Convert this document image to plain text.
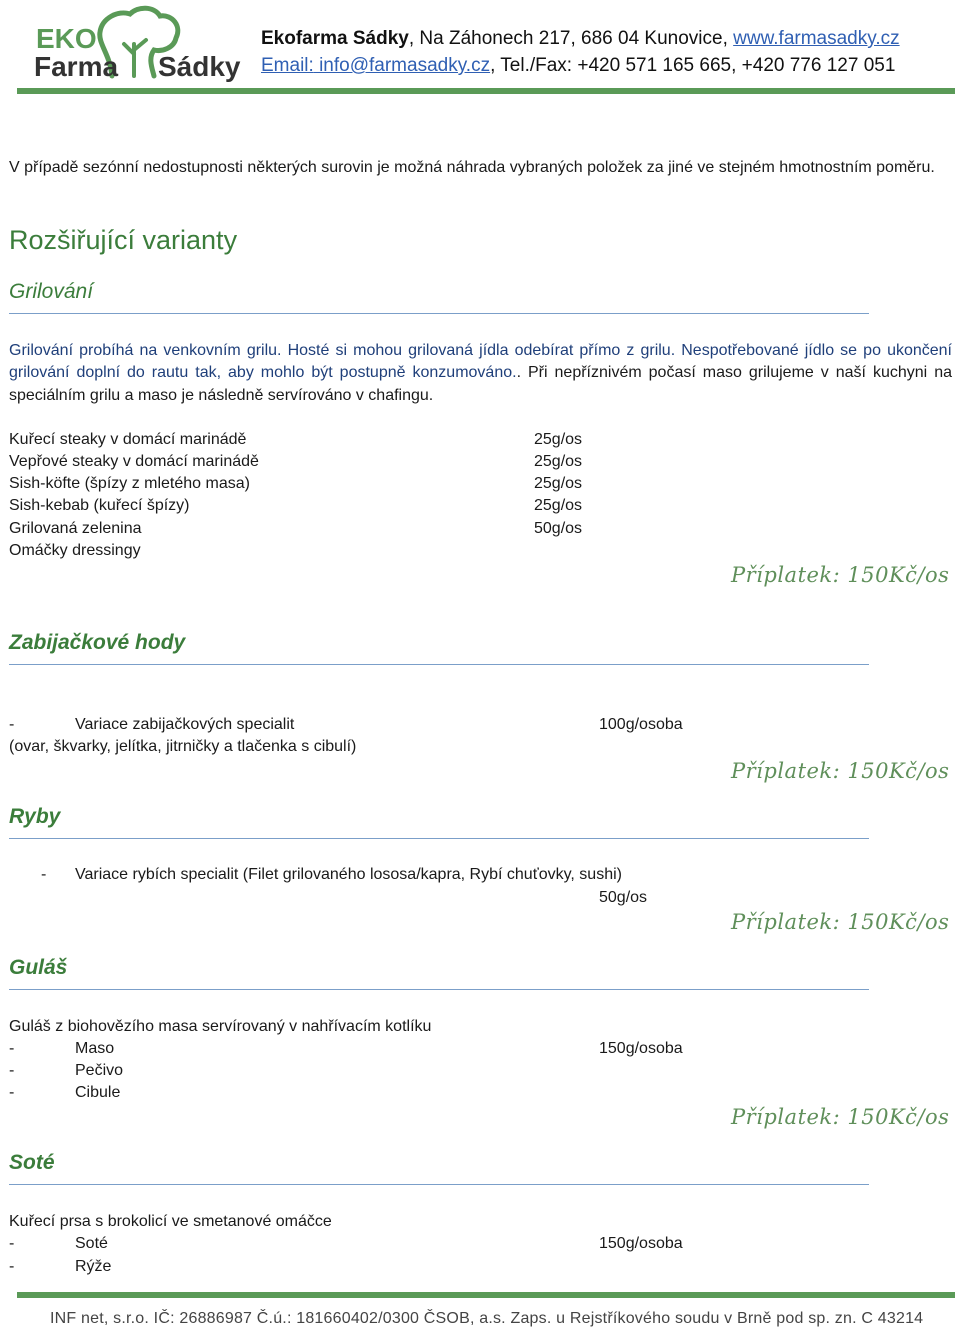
EKO
Farma Sádky
Ekofarma Sádky, Na Záhonech 217, 686 04 Kunovice, www.farmasadky.cz
Email: info@farmasadky.cz, Tel./Fax: +420 571 165 665, +420 776 127 051
V případě sezónní nedostupnosti některých surovin je možná náhrada vybraných položek za jiné ve stejném hmotnostním poměru.
Rozšiřující varianty
Grilování
Grilování probíhá na venkovním grilu. Hosté si mohou grilovaná jídla odebírat přímo z grilu. Nespotřebované jídlo se po ukončení grilování doplní do rautu tak, aby mohlo být postupně konzumováno.. Při nepříznivém počasí maso grilujeme v naší kuchyni na speciálním grilu a maso je následně servírováno v chafingu.
Kuřecí steaky v domácí marinádě	25g/os
Vepřové steaky v domácí marinádě	25g/os
Sish-köfte (špízy z mletého masa)	25g/os
Sish-kebab (kuřecí špízy)	25g/os
Grilovaná zelenina	50g/os
Omáčky dressingy
Příplatek: 150Kč/os
Zabijačkové hody
-	Variace zabijačkových specialit	100g/osoba
(ovar, škvarky, jelítka, jitrničky a tlačenka s cibulí)
Příplatek: 150Kč/os
Ryby
- Variace rybích specialit (Filet grilovaného lososa/kapra, Rybí chuťovky, sushi)
50g/os
Příplatek: 150Kč/os
Guláš
Guláš z biohovězího masa servírovaný v nahřívacím kotlíku
-	Maso	150g/osoba
-	Pečivo
-	Cibule
Příplatek: 150Kč/os
Soté
Kuřecí prsa s brokolicí ve smetanové omáčce
-	Soté	150g/osoba
-	Rýže
INF net, s.r.o. IČ: 26886987 Č.ú.: 181660402/0300 ČSOB, a.s. Zaps. u Rejstříkového soudu v Brně pod sp. zn. C 43214
